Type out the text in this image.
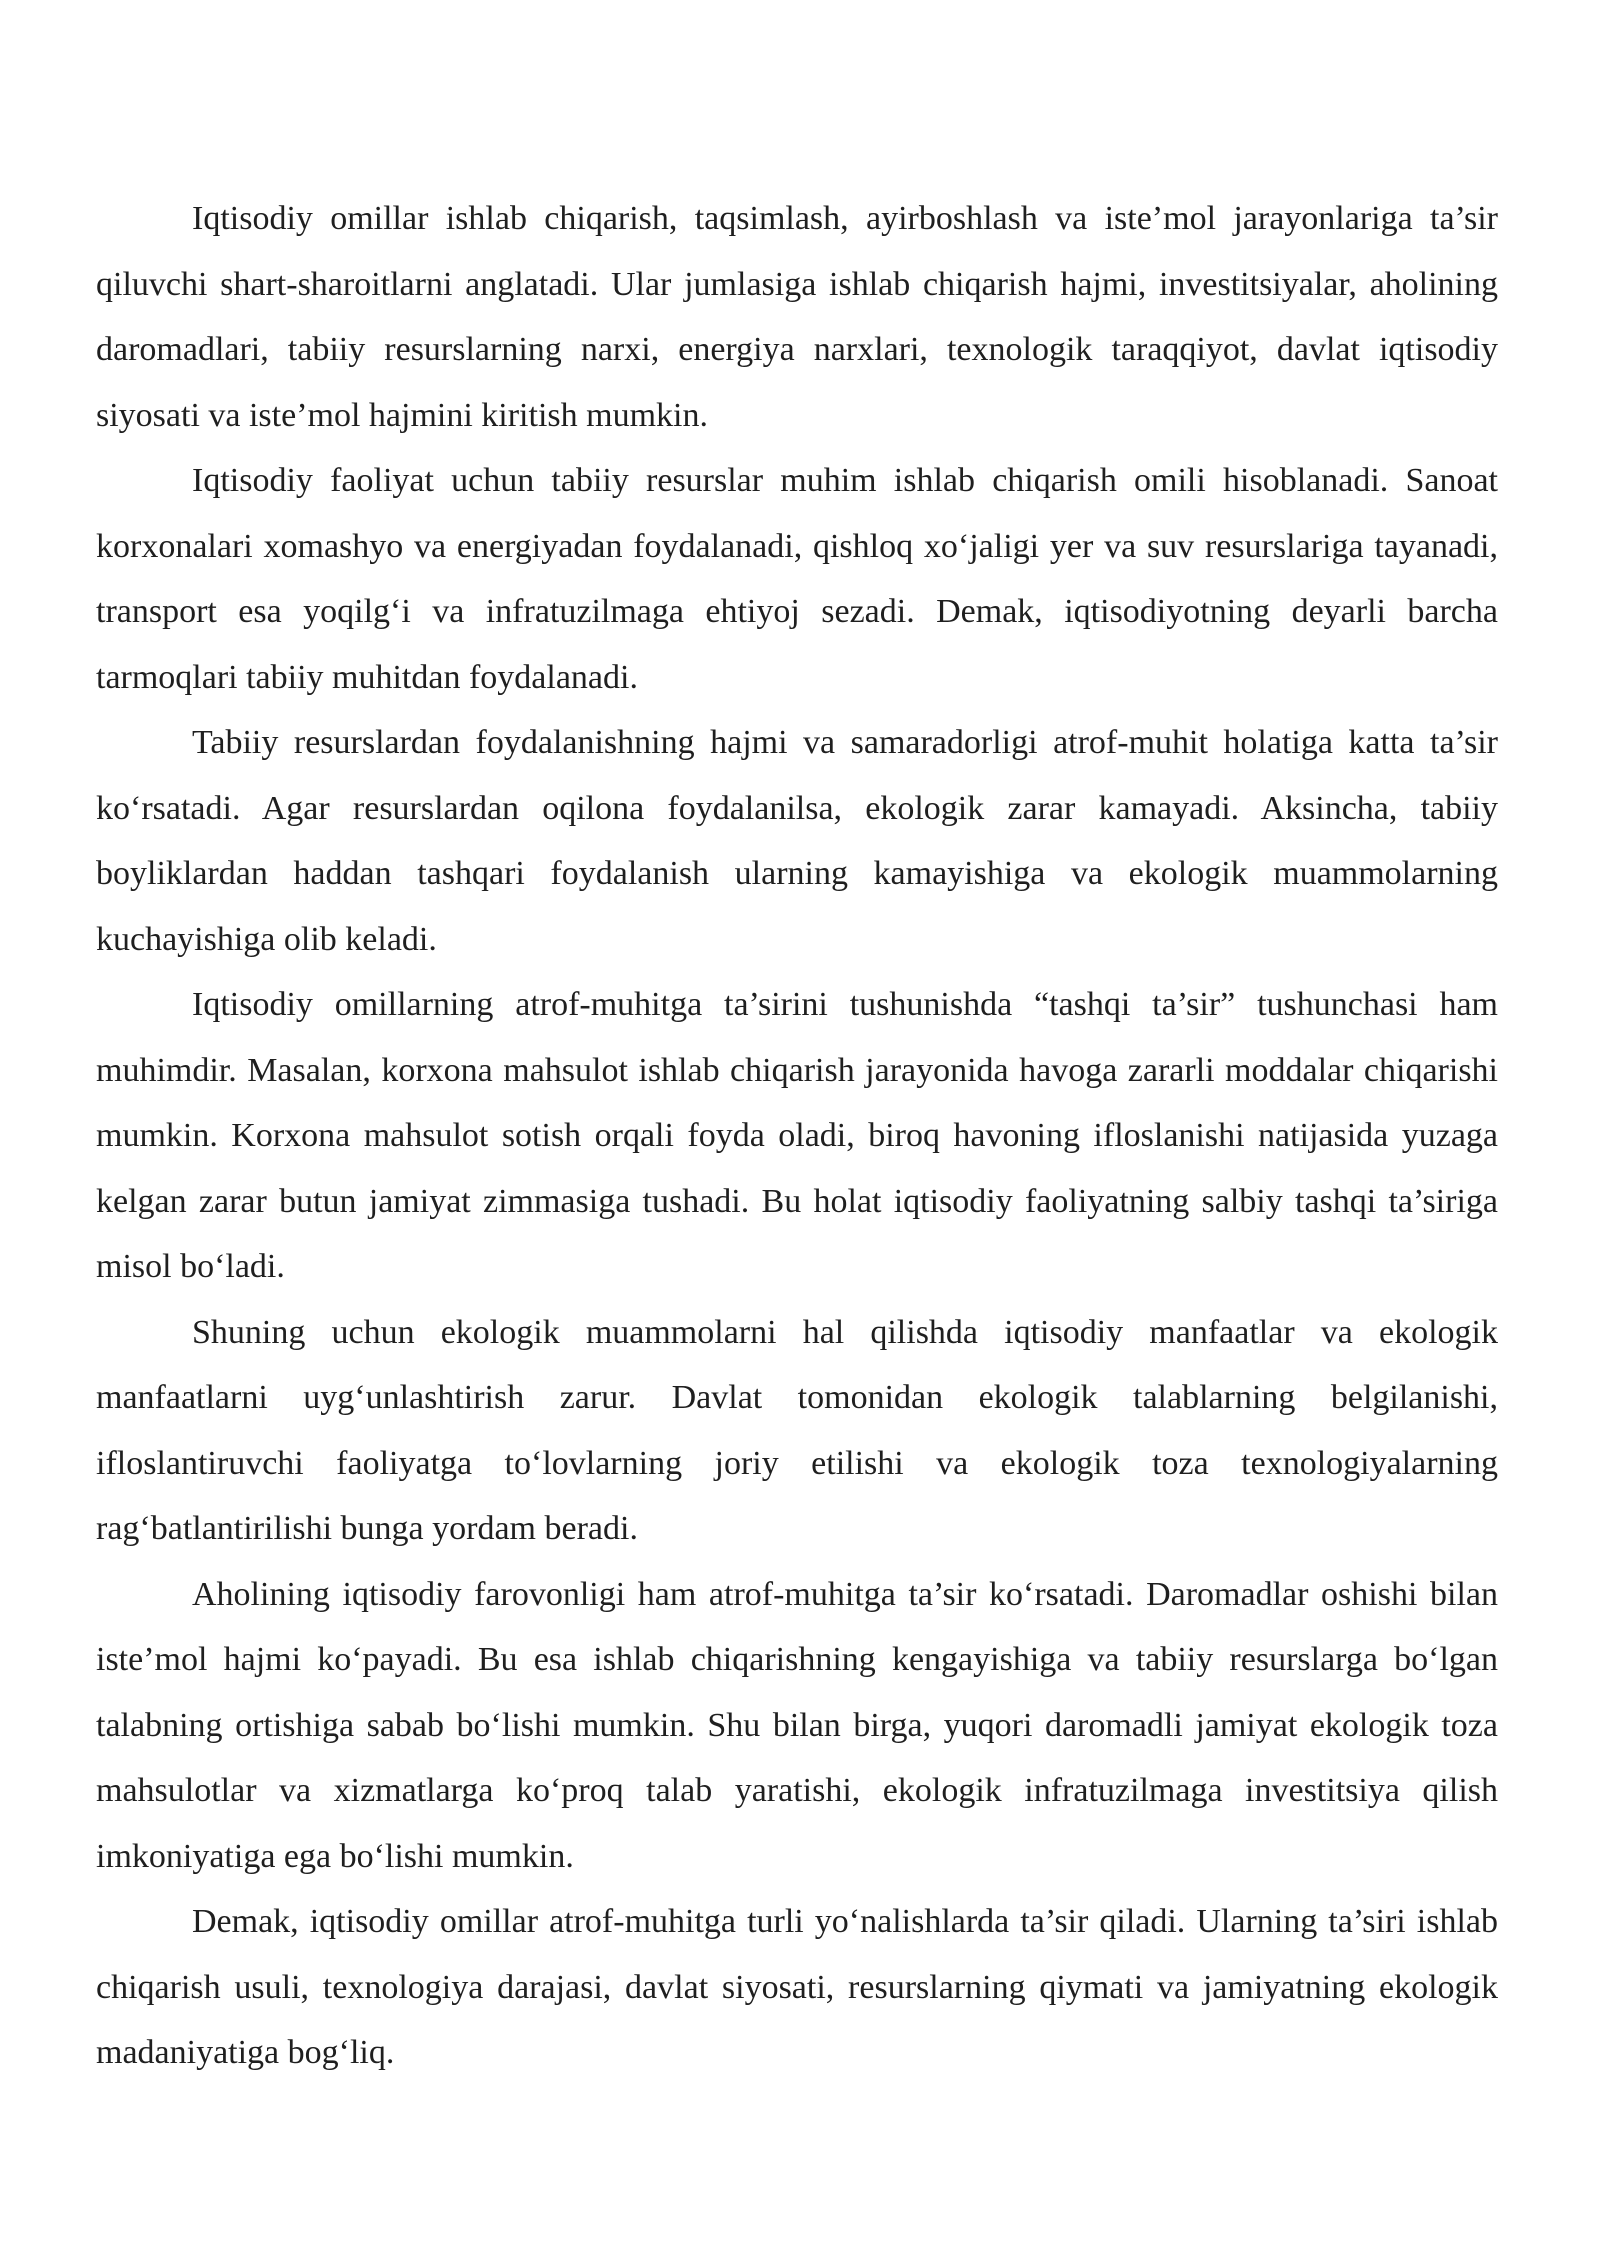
Iqtisodiy omillar ishlab chiqarish, taqsimlash, ayirboshlash va iste’mol jarayonlariga ta’sir qiluvchi shart-sharoitlarni anglatadi. Ular jumlasiga ishlab chiqarish hajmi, investitsiyalar, aholining daromadlari, tabiiy resurslarning narxi, energiya narxlari, texnologik taraqqiyot, davlat iqtisodiy siyosati va iste’mol hajmini kiritish mumkin.

Iqtisodiy faoliyat uchun tabiiy resurslar muhim ishlab chiqarish omili hisoblanadi. Sanoat korxonalari xomashyo va energiyadan foydalanadi, qishloq xo‘jaligi yer va suv resurslariga tayanadi, transport esa yoqilg‘i va infratuzilmaga ehtiyoj sezadi. Demak, iqtisodiyotning deyarli barcha tarmoqlari tabiiy muhitdan foydalanadi.

Tabiiy resurslardan foydalanishning hajmi va samaradorligi atrof-muhit holatiga katta ta’sir ko‘rsatadi. Agar resurslardan oqilona foydalanilsa, ekologik zarar kamayadi. Aksincha, tabiiy boyliklardan haddan tashqari foydalanish ularning kamayishiga va ekologik muammolarning kuchayishiga olib keladi.

Iqtisodiy omillarning atrof-muhitga ta’sirini tushunishda “tashqi ta’sir” tushunchasi ham muhimdir. Masalan, korxona mahsulot ishlab chiqarish jarayonida havoga zararli moddalar chiqarishi mumkin. Korxona mahsulot sotish orqali foyda oladi, biroq havoning ifloslanishi natijasida yuzaga kelgan zarar butun jamiyat zimmasiga tushadi. Bu holat iqtisodiy faoliyatning salbiy tashqi ta’siriga misol bo‘ladi.

Shuning uchun ekologik muammolarni hal qilishda iqtisodiy manfaatlar va ekologik manfaatlarni uyg‘unlashtirish zarur. Davlat tomonidan ekologik talablarning belgilanishi, ifloslantiruvchi faoliyatga to‘lovlarning joriy etilishi va ekologik toza texnologiyalarning rag‘batlantirilishi bunga yordam beradi.

Aholining iqtisodiy farovonligi ham atrof-muhitga ta’sir ko‘rsatadi. Daromadlar oshishi bilan iste’mol hajmi ko‘payadi. Bu esa ishlab chiqarishning kengayishiga va tabiiy resurslarga bo‘lgan talabning ortishiga sabab bo‘lishi mumkin. Shu bilan birga, yuqori daromadli jamiyat ekologik toza mahsulotlar va xizmatlarga ko‘proq talab yaratishi, ekologik infratuzilmaga investitsiya qilish imkoniyatiga ega bo‘lishi mumkin.

Demak, iqtisodiy omillar atrof-muhitga turli yo‘nalishlarda ta’sir qiladi. Ularning ta’siri ishlab chiqarish usuli, texnologiya darajasi, davlat siyosati, resurslarning qiymati va jamiyatning ekologik madaniyatiga bog‘liq.
